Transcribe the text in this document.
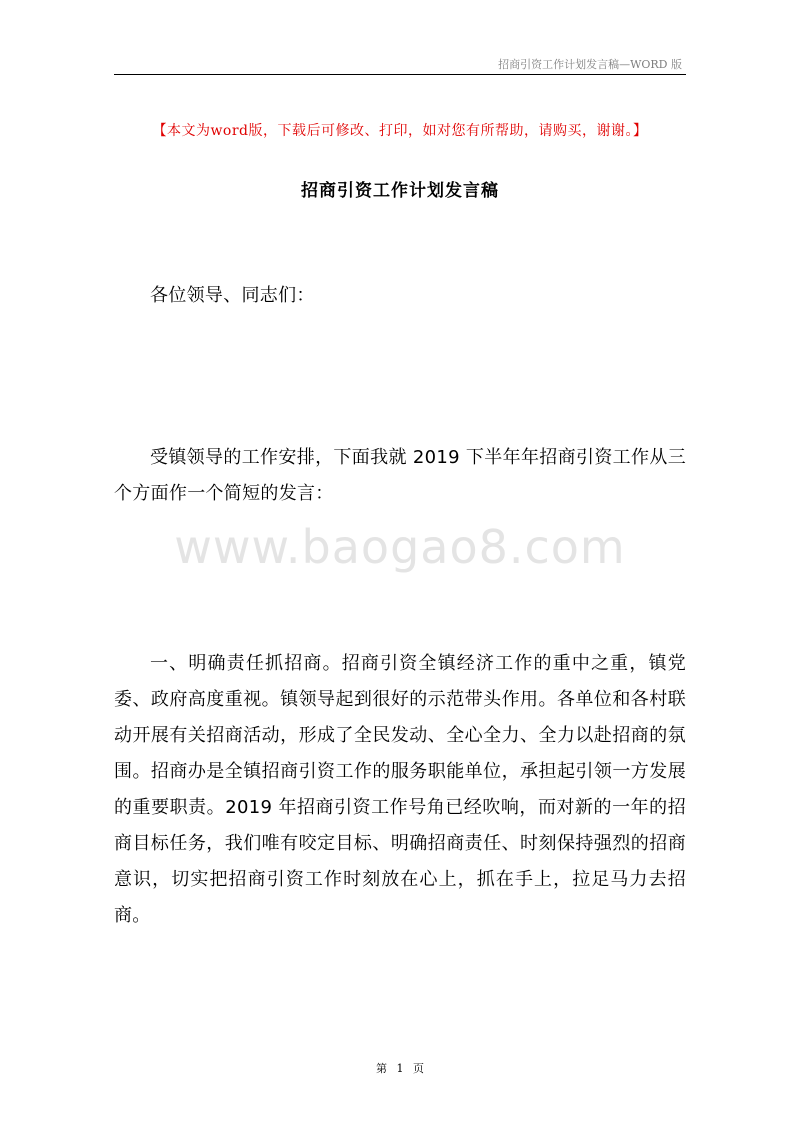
招商引资工作计划发言稿—WORD 版
【本文为word版，下载后可修改、打印，如对您有所帮助，请购买，谢谢。】
招商引资工作计划发言稿
各位领导、同志们：
受镇领导的工作安排，下面我就 2019 下半年年招商引资工作从三个方面作一个简短的发言：
www.baogao8.com
一、明确责任抓招商。招商引资全镇经济工作的重中之重，镇党委、政府高度重视。镇领导起到很好的示范带头作用。各单位和各村联动开展有关招商活动，形成了全民发动、全心全力、全力以赴招商的氛围。招商办是全镇招商引资工作的服务职能单位，承担起引领一方发展的重要职责。2019 年招商引资工作号角已经吹响，而对新的一年的招商目标任务，我们唯有咬定目标、明确招商责任、时刻保持强烈的招商意识，切实把招商引资工作时刻放在心上，抓在手上，拉足马力去招商。
第 1 页
